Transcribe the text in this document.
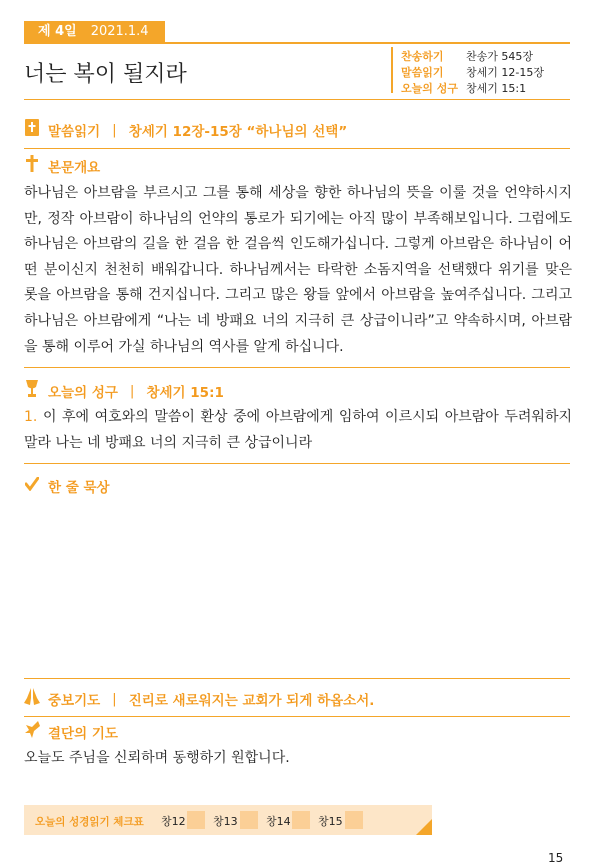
제 4일 2021.1.4
너는 복이 될지라
찬송하기 찬송가 545장
말씀읽기 창세기 12-15장
오늘의 성구 창세기 15:1
말씀읽기 | 창세기 12장-15장 “하나님의 선택”
본문개요
하나님은 아브람을 부르시고 그를 통해 세상을 향한 하나님의 뜻을 이룰 것을 언약하시지만, 정작 아브람이 하나님의 언약의 통로가 되기에는 아직 많이 부족해보입니다. 그럼에도 하나님은 아브람의 길을 한 걸음 한 걸음씩 인도해가십니다. 그렇게 아브람은 하나님이 어떤 분이신지 천천히 배워갑니다. 하나님께서는 타락한 소돔지역을 선택했다 위기를 맞은 롯을 아브람을 통해 건지십니다. 그리고 많은 왕들 앞에서 아브람을 높여주십니다. 그리고 하나님은 아브람에게 “나는 네 방패요 너의 지극히 큰 상급이니라”고 약속하시며, 아브람을 통해 이루어 가실 하나님의 역사를 알게 하십니다.
오늘의 성구 | 창세기 15:1
1. 이 후에 여호와의 말씀이 환상 중에 아브람에게 임하여 이르시되 아브람아 두려워하지 말라 나는 네 방패요 너의 지극히 큰 상급이니라
한 줄 묵상
중보기도 | 진리로 새로워지는 교회가 되게 하옵소서.
결단의 기도
오늘도 주님을 신뢰하며 동행하기 원합니다.
오늘의 성경읽기 체크표 창12 창13	창14 창15
15
